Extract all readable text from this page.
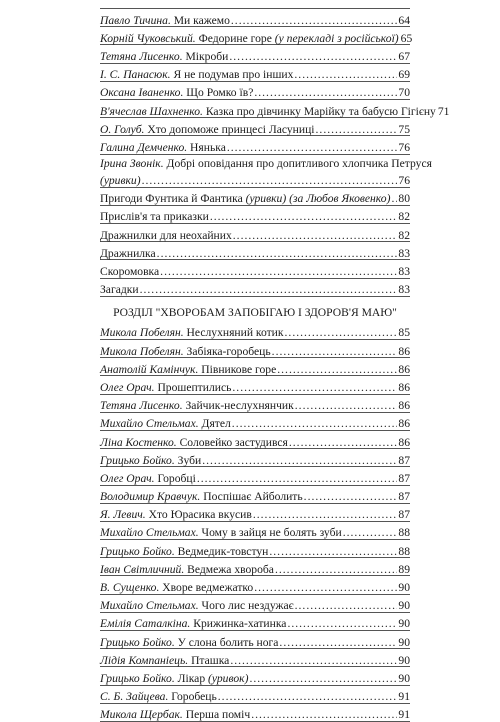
Павло Тичина. Ми кажемо .....	64
Корній Чуковський. Федорине горе (у перекладі з російської) 65
Тетяна Лисенко. Мікроби .....	67
І. С. Панасюк. Я не подумав про інших .....	69
Оксана Іваненко. Що Ромко їв? .....	70
В'ячеслав Шахненко. Казка про дівчинку Марійку та бабусю Гігієну 71
О. Голуб. Хто допоможе принцесі Ласуниці .....	75
Галина Демченко. Нянька .....	76
Ірина Звонік.
Добрі оповідання про допитливого хлопчика Петруся
(уривки) .....	76
Пригоди Фунтика й Фантика (уривки) (за Любов Яковенко) ..... 80
Прислів'я та приказки .....	82
Дражнилки для неохайних .....	82
Дражнилка .....	83
Скоромовка .....	83
Загадки .....	83
РОЗДІЛ "ХВОРОБАМ ЗАПОБІГАЮ І ЗДОРОВ'Я МАЮ"
Микола Побелян. Неслухняний котик .....	85
Микола Побелян. Забіяка-горобець .....	86
Анатолій Камінчук. Півникове горе .....	86
Олег Орач. Прошептились .....	86
Тетяна Лисенко. Зайчик-неслухнянчик .....	86
Михайло Стельмах. Дятел .....	86
Ліна Костенко. Соловейко застудився .....	86
Грицько Бойко. Зуби .....	87
Олег Орач. Горобці .....	87
Володимир Кравчук. Поспішає Айболить .....	87
Я. Левич. Хто Юрасика вкусив .....	87
Михайло Стельмах. Чому в зайця не болять зуби .....	88
Грицько Бойко. Ведмедик-товстун .....	88
Іван Світличний. Ведмежа хвороба .....	89
В. Сущенко. Хворе ведмежатко .....	90
Михайло Стельмах. Чого лис нездужає .....	90
Емілія Саталкіна. Крижинка-хатинка .....	90
Грицько Бойко. У слона болить нога .....	90
Лідія Компаніець. Пташка .....	90
Грицько Бойко. Лікар (уривок) .....	90
С. Б. Зайцева. Горобець .....	91
Микола Щербак. Перша поміч .....	91
